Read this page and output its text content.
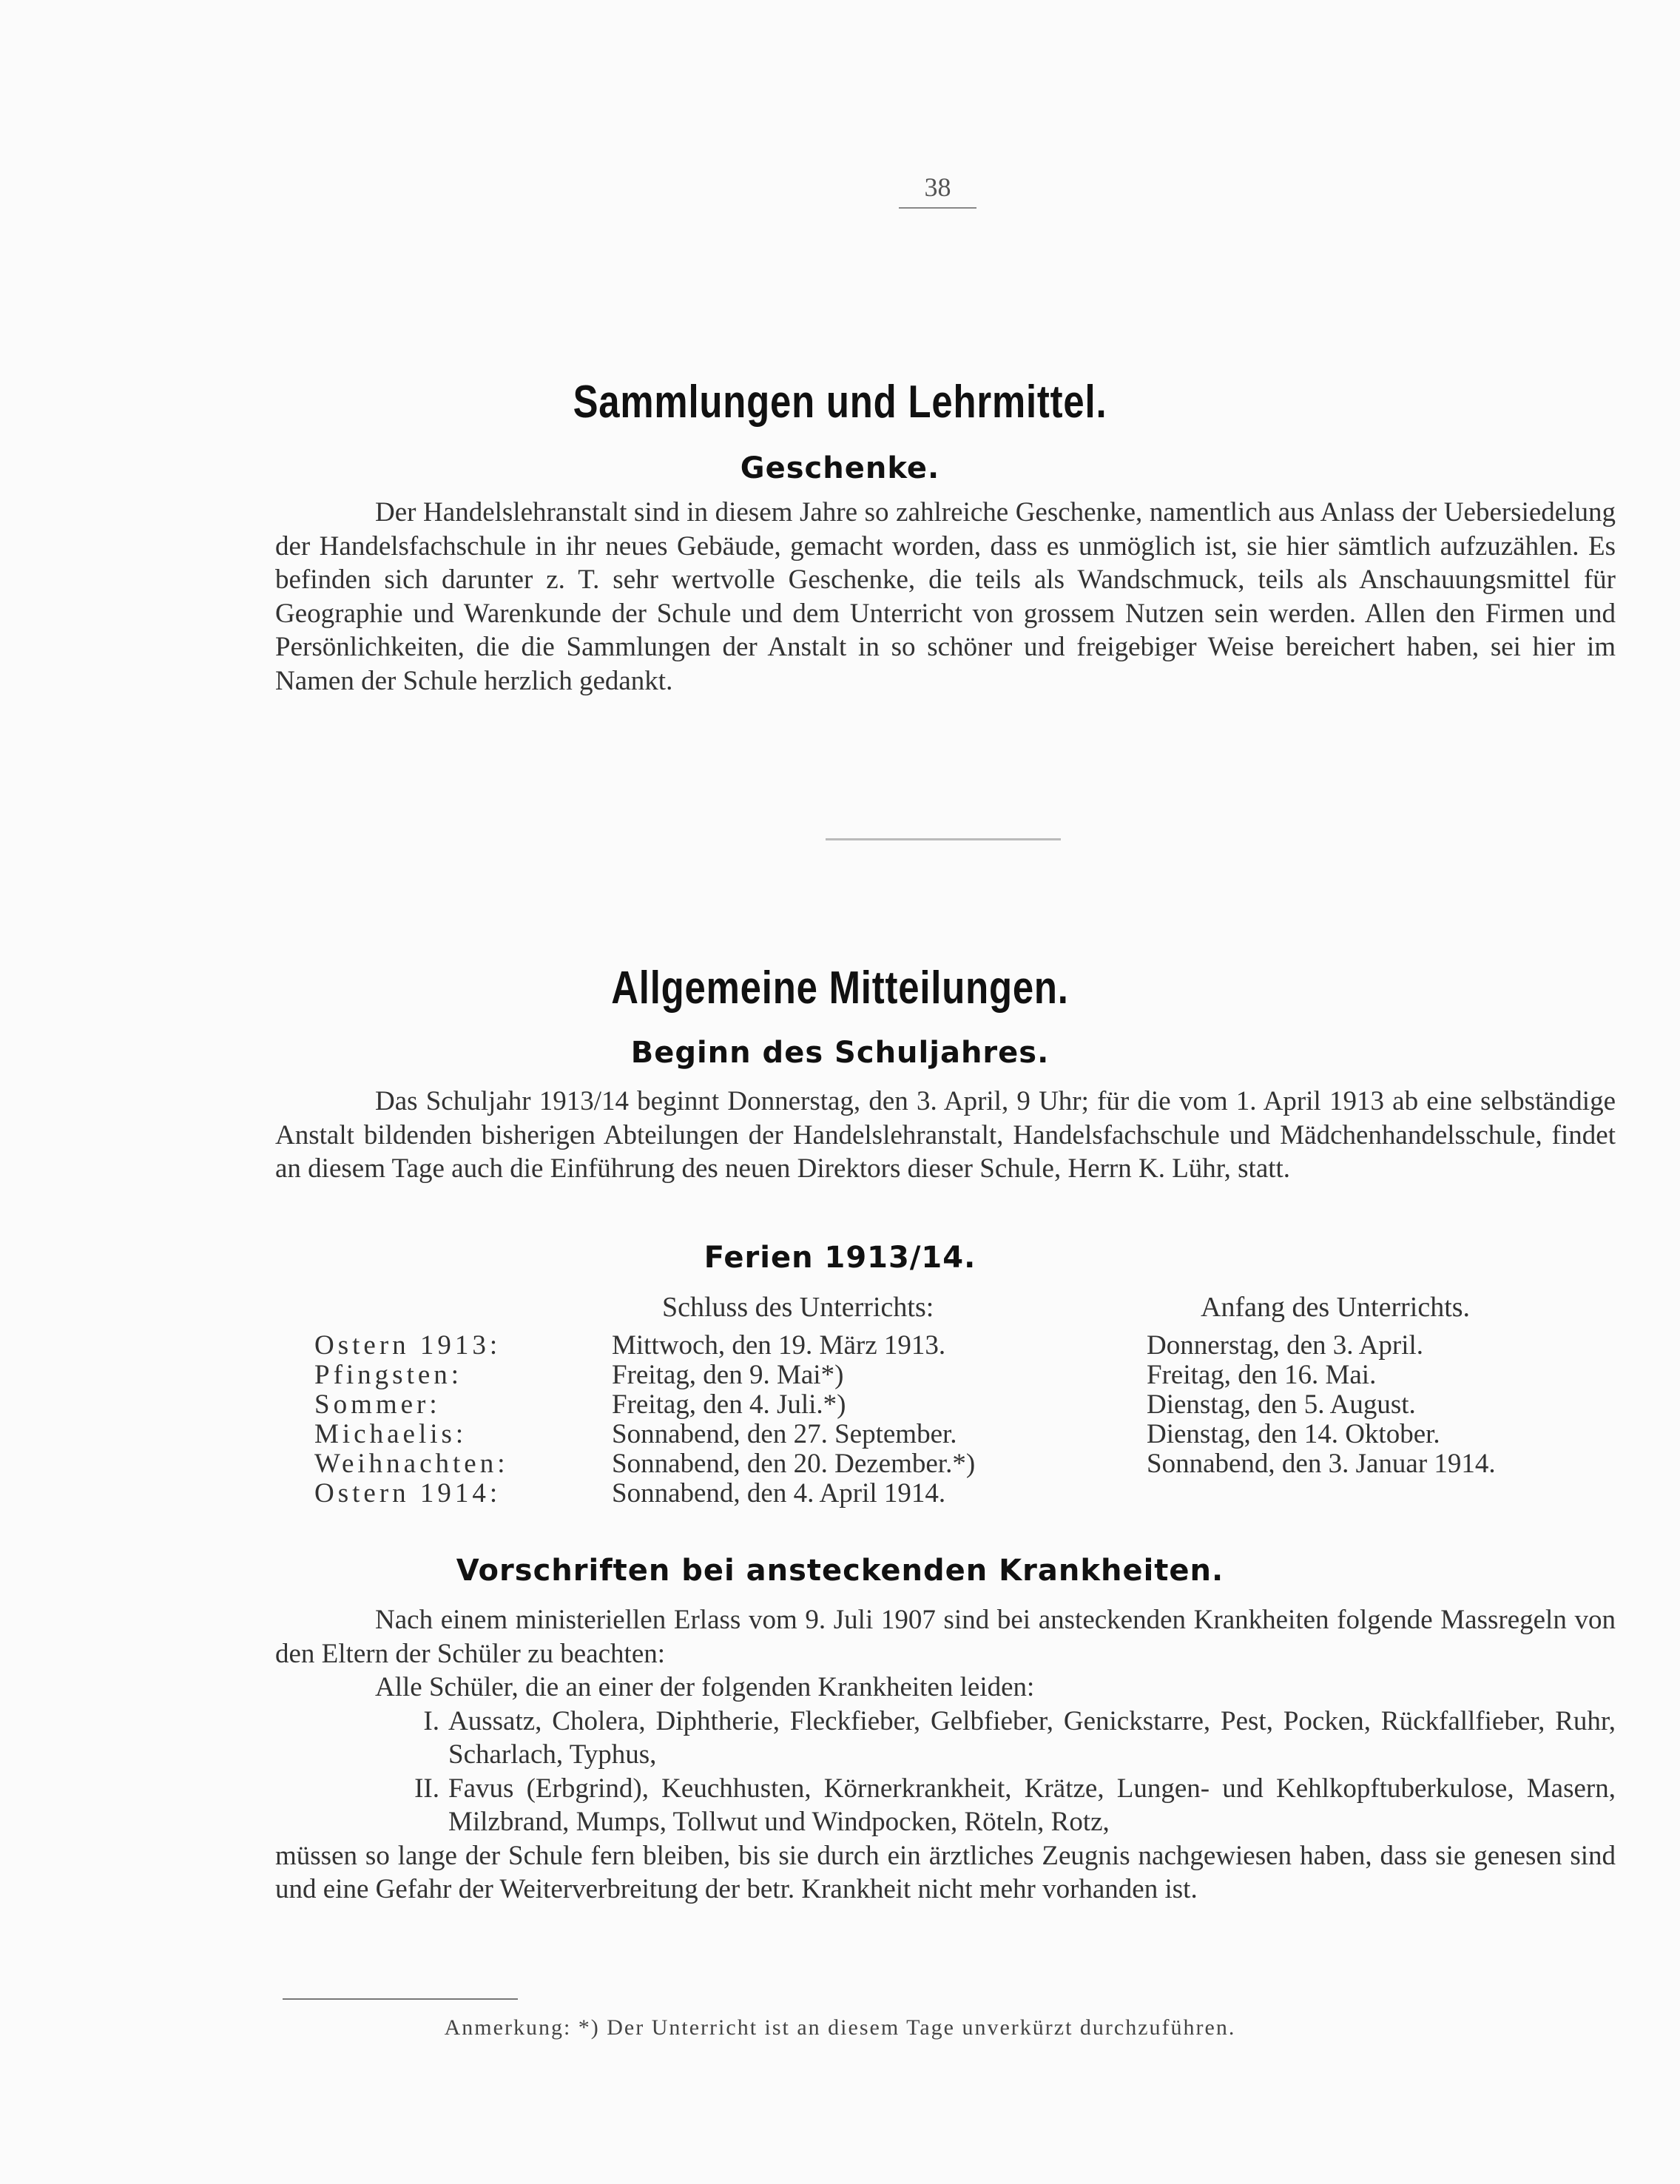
38
Sammlungen und Lehrmittel.
Geschenke.
Der Handelslehranstalt sind in diesem Jahre so zahlreiche Geschenke, namentlich aus Anlass der Uebersiedelung der Handelsfachschule in ihr neues Gebäude, gemacht worden, dass es unmöglich ist, sie hier sämtlich aufzuzählen. Es befinden sich darunter z. T. sehr wertvolle Geschenke, die teils als Wandschmuck, teils als Anschauungsmittel für Geographie und Warenkunde der Schule und dem Unterricht von grossem Nutzen sein werden. Allen den Firmen und Persönlichkeiten, die die Sammlungen der Anstalt in so schöner und freigebiger Weise bereichert haben, sei hier im Namen der Schule herzlich gedankt.
Allgemeine Mitteilungen.
Beginn des Schuljahres.
Das Schuljahr 1913/14 beginnt Donnerstag, den 3. April, 9 Uhr; für die vom 1. April 1913 ab eine selbständige Anstalt bildenden bisherigen Abteilungen der Handelslehranstalt, Handelsfachschule und Mädchenhandelsschule, findet an diesem Tage auch die Einführung des neuen Direktors dieser Schule, Herrn K. Lühr, statt.
Ferien 1913/14.
Schluss des Unterrichts:	Anfang des Unterrichts.
Ostern 1913:	Mittwoch, den 19. März 1913.	Donnerstag, den 3. April.
Pfingsten:	Freitag, den 9. Mai*)	Freitag, den 16. Mai.
Sommer:	Freitag, den 4. Juli.*)	Dienstag, den 5. August.
Michaelis:	Sonnabend, den 27. September.	Dienstag, den 14. Oktober.
Weihnachten:	Sonnabend, den 20. Dezember.*)	Sonnabend, den 3. Januar 1914.
Ostern 1914:	Sonnabend, den 4. April 1914.
Vorschriften bei ansteckenden Krankheiten.
Nach einem ministeriellen Erlass vom 9. Juli 1907 sind bei ansteckenden Krankheiten folgende Massregeln von den Eltern der Schüler zu beachten:
Alle Schüler, die an einer der folgenden Krankheiten leiden:
I. Aussatz, Cholera, Diphtherie, Fleckfieber, Gelbfieber, Genickstarre, Pest, Pocken, Rückfallfieber, Ruhr, Scharlach, Typhus,
II. Favus (Erbgrind), Keuchhusten, Körnerkrankheit, Krätze, Lungen- und Kehlkopftuberkulose, Masern, Milzbrand, Mumps, Tollwut und Windpocken, Röteln, Rotz,
müssen so lange der Schule fern bleiben, bis sie durch ein ärztliches Zeugnis nachgewiesen haben, dass sie genesen sind und eine Gefahr der Weiterverbreitung der betr. Krankheit nicht mehr vorhanden ist.
Anmerkung: *) Der Unterricht ist an diesem Tage unverkürzt durchzuführen.
